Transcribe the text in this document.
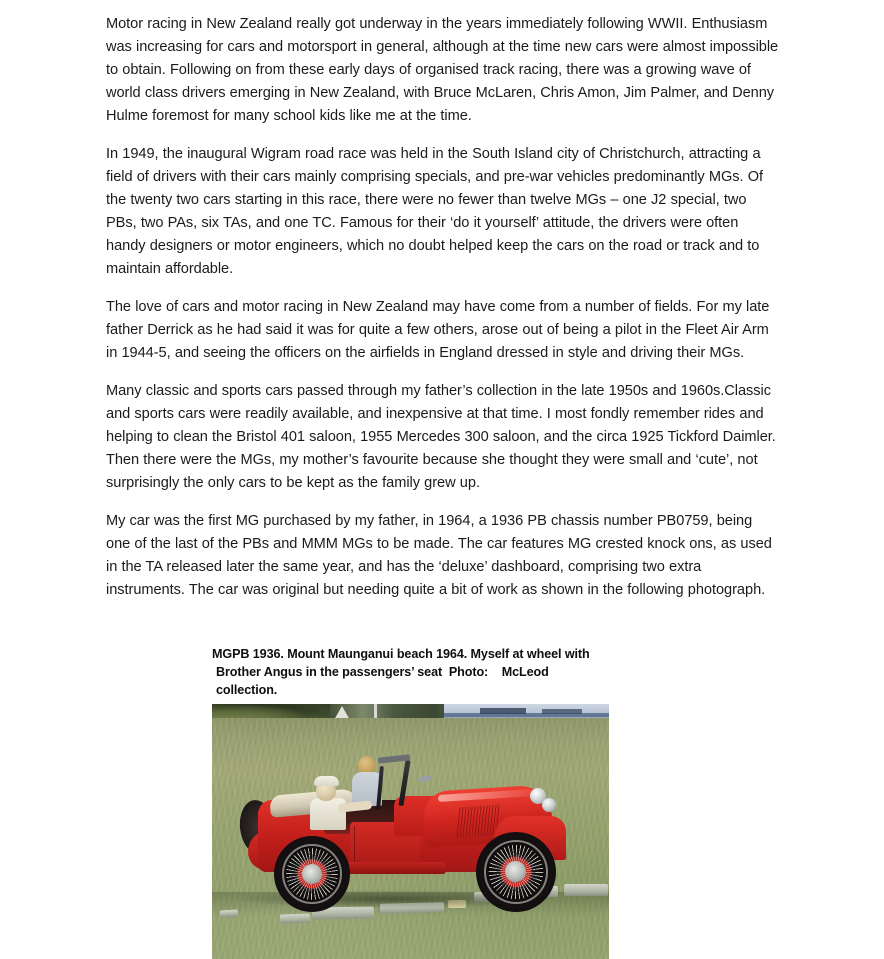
Motor racing in New Zealand really got underway in the years immediately following WWII. Enthusiasm was increasing for cars and motorsport in general, although at the time new cars were almost impossible to obtain. Following on from these early days of organised track racing, there was a growing wave of world class drivers emerging in New Zealand, with Bruce McLaren, Chris Amon, Jim Palmer, and Denny Hulme foremost for many school kids like me at the time.

In 1949, the inaugural Wigram road race was held in the South Island city of Christchurch, attracting a field of drivers with their cars mainly comprising specials, and pre-war vehicles predominantly MGs. Of the twenty two cars starting in this race, there were no fewer than twelve MGs – one J2 special, two PBs, two PAs, six TAs, and one TC. Famous for their ‘do it yourself’ attitude, the drivers were often handy designers or motor engineers, which no doubt helped keep the cars on the road or track and to maintain affordable.

The love of cars and motor racing in New Zealand may have come from a number of fields. For my late father Derrick as he had said it was for quite a few others, arose out of being a pilot in the Fleet Air Arm in 1944-5, and seeing the officers on the airfields in England dressed in style and driving their MGs.

Many classic and sports cars passed through my father’s collection in the late 1950s and 1960s.Classic and sports cars were readily available, and inexpensive at that time. I most fondly remember rides and helping to clean the Bristol 401 saloon, 1955 Mercedes 300 saloon, and the circa 1925 Tickford Daimler. Then there were the MGs, my mother’s favourite because she thought they were small and ‘cute’, not surprisingly the only cars to be kept as the family grew up.

My car was the first MG purchased by my father, in 1964, a 1936 PB chassis number PB0759, being one of the last of the PBs and MMM MGs to be made. The car features MG crested knock ons, as used in the TA released later the same year, and has the ‘deluxe’ dashboard, comprising two extra instruments. The car was original but needing quite a bit of work as shown in the following photograph.

MGPB 1936. Mount Maunganui beach 1964. Myself at wheel with
Brother Angus in the passengers’ seat  Photo:    McLeod collection.
